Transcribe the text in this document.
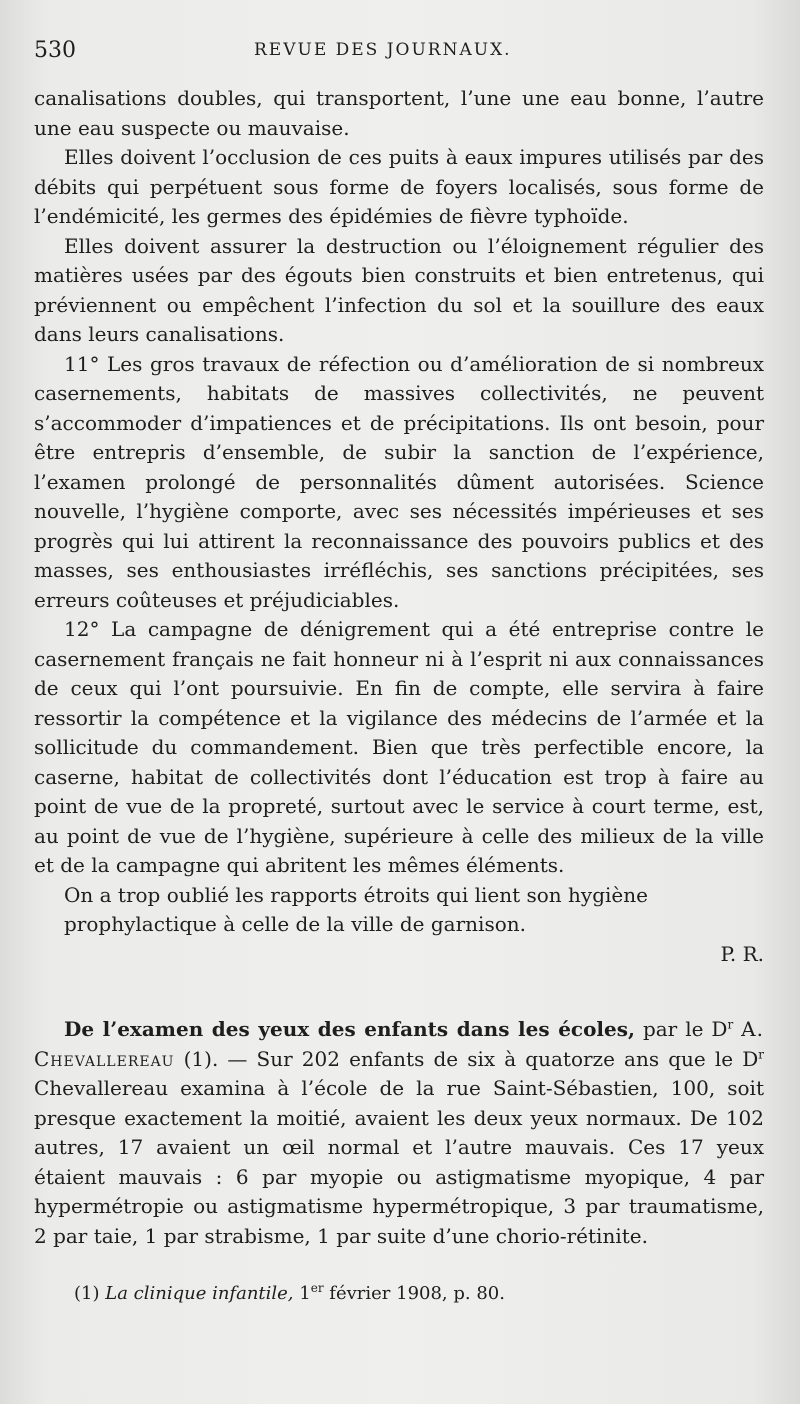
530	REVUE DES JOURNAUX.

canalisations doubles, qui transportent, l’une une eau bonne, l’autre une eau suspecte ou mauvaise.

Elles doivent l’occlusion de ces puits à eaux impures utilisés par des débits qui perpétuent sous forme de foyers localisés, sous forme de l’endémicité, les germes des épidémies de fièvre typhoïde.

Elles doivent assurer la destruction ou l’éloignement régulier des matières usées par des égouts bien construits et bien entretenus, qui préviennent ou empêchent l’infection du sol et la souillure des eaux dans leurs canalisations.

11° Les gros travaux de réfection ou d’amélioration de si nombreux casernements, habitats de massives collectivités, ne peuvent s’accommoder d’impatiences et de précipitations. Ils ont besoin, pour être entrepris d’ensemble, de subir la sanction de l’expérience, l’examen prolongé de personnalités dûment autorisées. Science nouvelle, l’hygiène comporte, avec ses nécessités impérieuses et ses progrès qui lui attirent la reconnaissance des pouvoirs publics et des masses, ses enthousiastes irréfléchis, ses sanctions précipitées, ses erreurs coûteuses et préjudiciables.

12° La campagne de dénigrement qui a été entreprise contre le casernement français ne fait honneur ni à l’esprit ni aux connaissances de ceux qui l’ont poursuivie. En fin de compte, elle servira à faire ressortir la compétence et la vigilance des médecins de l’armée et la sollicitude du commandement. Bien que très perfectible encore, la caserne, habitat de collectivités dont l’éducation est trop à faire au point de vue de la propreté, surtout avec le service à court terme, est, au point de vue de l’hygiène, supérieure à celle des milieux de la ville et de la campagne qui abritent les mêmes éléments.

On a trop oublié les rapports étroits qui lient son hygiène prophylactique à celle de la ville de garnison.
P. R.

De l’examen des yeux des enfants dans les écoles, par le $D^r$ A. Chevallereau (1). — Sur 202 enfants de six à quatorze ans que le $D^r$ Chevallereau examina à l’école de la rue Saint-Sébastien, 100, soit presque exactement la moitié, avaient les deux yeux normaux. De 102 autres, 17 avaient un œil normal et l’autre mauvais. Ces 17 yeux étaient mauvais : 6 par myopie ou astigmatisme myopique, 4 par hypermétropie ou astigmatisme hypermétropique, 3 par traumatisme, 2 par taie, 1 par strabisme, 1 par suite d’une chorio-rétinite.

(1) La clinique infantile, 1er février 1908, p. 80.
